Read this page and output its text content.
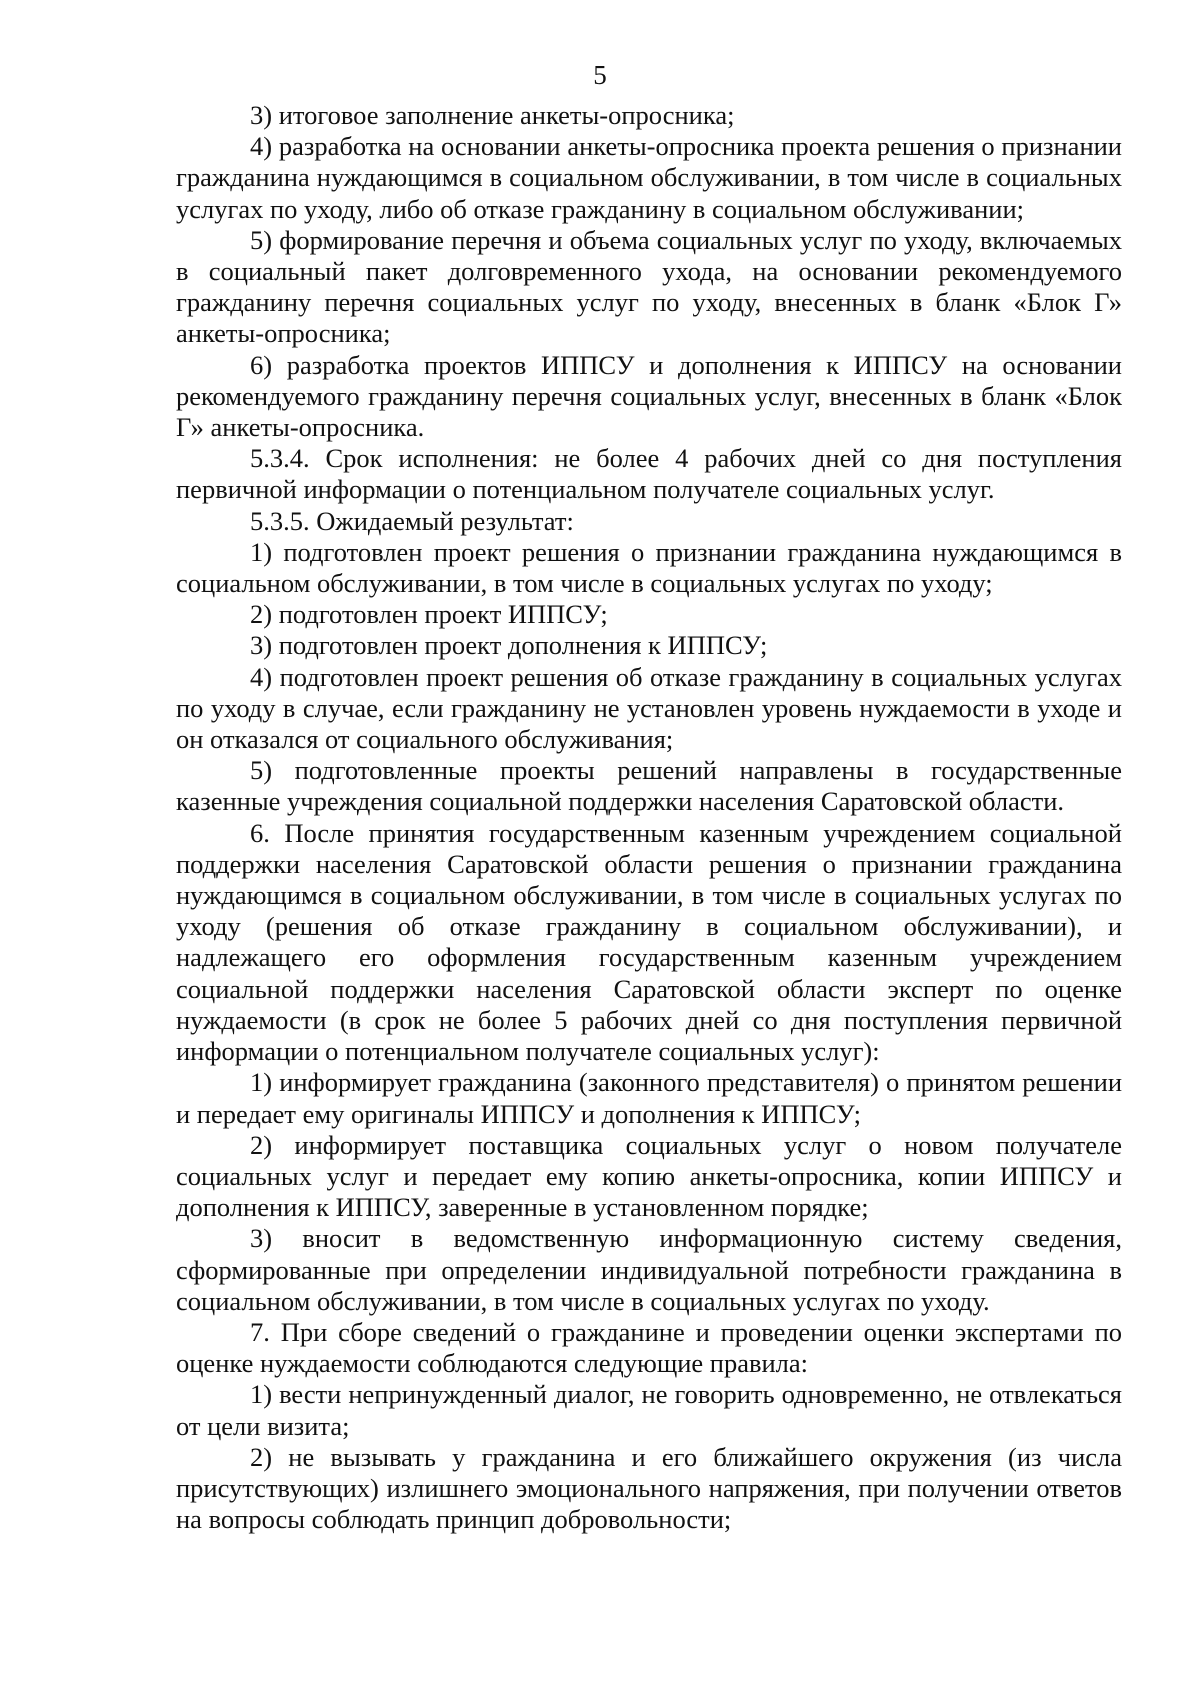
5

3) итоговое заполнение анкеты-опросника;

4) разработка на основании анкеты-опросника проекта решения о признании гражданина нуждающимся в социальном обслуживании, в том числе в социальных услугах по уходу, либо об отказе гражданину в социальном обслуживании;

5) формирование перечня и объема социальных услуг по уходу, включаемых в социальный пакет долговременного ухода, на основании рекомендуемого гражданину перечня социальных услуг по уходу, внесенных в бланк «Блок Г» анкеты-опросника;

6) разработка проектов ИППСУ и дополнения к ИППСУ на основании рекомендуемого гражданину перечня социальных услуг, внесенных в бланк «Блок Г» анкеты-опросника.

5.3.4. Срок исполнения: не более 4 рабочих дней со дня поступления первичной информации о потенциальном получателе социальных услуг.

5.3.5. Ожидаемый результат:

1) подготовлен проект решения о признании гражданина нуждающимся в социальном обслуживании, в том числе в социальных услугах по уходу;

2) подготовлен проект ИППСУ;

3) подготовлен проект дополнения к ИППСУ;

4) подготовлен проект решения об отказе гражданину в социальных услугах по уходу в случае, если гражданину не установлен уровень нуждаемости в уходе и он отказался от социального обслуживания;

5) подготовленные проекты решений направлены в государственные казенные учреждения социальной поддержки населения Саратовской области.

6. После принятия государственным казенным учреждением социальной поддержки населения Саратовской области решения о признании гражданина нуждающимся в социальном обслуживании, в том числе в социальных услугах по уходу (решения об отказе гражданину в социальном обслуживании), и надлежащего его оформления государственным казенным учреждением социальной поддержки населения Саратовской области эксперт по оценке нуждаемости (в срок не более 5 рабочих дней со дня поступления первичной информации о потенциальном получателе социальных услуг):

1) информирует гражданина (законного представителя) о принятом решении и передает ему оригиналы ИППСУ и дополнения к ИППСУ;

2) информирует поставщика социальных услуг о новом получателе социальных услуг и передает ему копию анкеты-опросника, копии ИППСУ и дополнения к ИППСУ, заверенные в установленном порядке;

3) вносит в ведомственную информационную систему сведения, сформированные при определении индивидуальной потребности гражданина в социальном обслуживании, в том числе в социальных услугах по уходу.

7. При сборе сведений о гражданине и проведении оценки экспертами по оценке нуждаемости соблюдаются следующие правила:

1) вести непринужденный диалог, не говорить одновременно, не отвлекаться от цели визита;

2) не вызывать у гражданина и его ближайшего окружения (из числа присутствующих) излишнего эмоционального напряжения, при получении ответов на вопросы соблюдать принцип добровольности;
